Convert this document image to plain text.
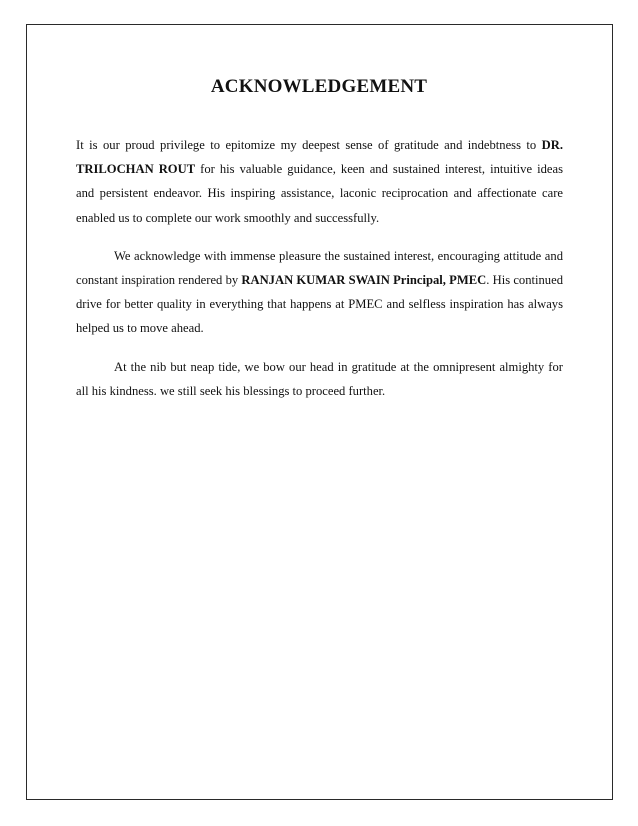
ACKNOWLEDGEMENT

It is our proud privilege to epitomize my deepest sense of gratitude and indebtness to DR. TRILOCHAN ROUT for his valuable guidance, keen and sustained interest, intuitive ideas and persistent endeavor. His inspiring assistance, laconic reciprocation and affectionate care enabled us to complete our work smoothly and successfully.

We acknowledge with immense pleasure the sustained interest, encouraging attitude and constant inspiration rendered by RANJAN KUMAR SWAIN Principal, PMEC. His continued drive for better quality in everything that happens at PMEC and selfless inspiration has always helped us to move ahead.

At the nib but neap tide, we bow our head in gratitude at the omnipresent almighty for all his kindness. we still seek his blessings to proceed further.
